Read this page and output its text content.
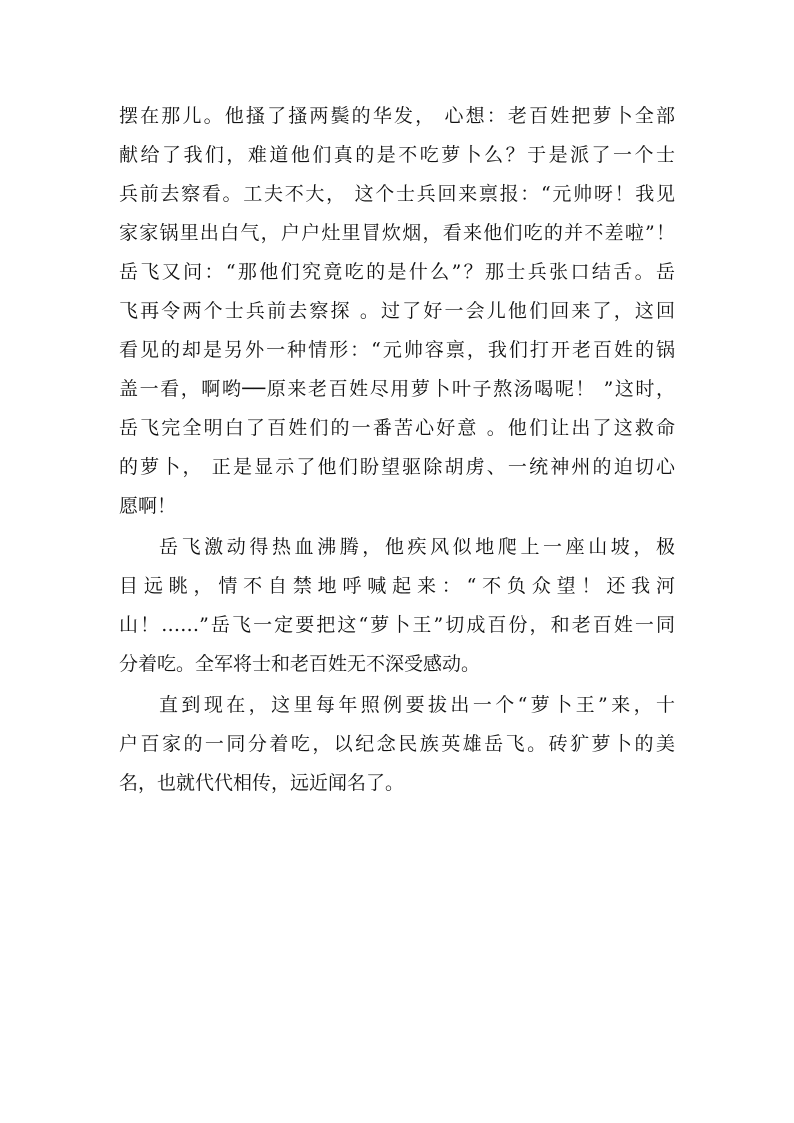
摆在那儿。他搔了搔两鬓的华发， 心想：老百姓把萝卜全部
献给了我们，难道他们真的是不吃萝卜么？于是派了一个士
兵前去察看。工夫不大， 这个士兵回来禀报：“元帅呀！我见
家家锅里出白气，户户灶里冒炊烟，看来他们吃的并不差啦”！
岳飞又问：“那他们究竟吃的是什么”？那士兵张口结舌。岳
飞再令两个士兵前去察探 。过了好一会儿他们回来了，这回
看见的却是另外一种情形：“元帅容禀，我们打开老百姓的锅
盖一看，啊哟──原来老百姓尽用萝卜叶子熬汤喝呢！ ”这时，
岳飞完全明白了百姓们的一番苦心好意 。他们让出了这救命
的萝卜， 正是显示了他们盼望驱除胡虏、一统神州的迫切心
愿啊！
岳飞激动得热血沸腾，他疾风似地爬上一座山坡，极
目远眺，情不自禁地呼喊起来：“不负众望！还我河
山！……”岳飞一定要把这“萝卜王”切成百份，和老百姓一同
分着吃。全军将士和老百姓无不深受感动。
直到现在，这里每年照例要拔出一个“萝卜王”来，十
户百家的一同分着吃，以纪念民族英雄岳飞。砖犷萝卜的美
名，也就代代相传，远近闻名了。
